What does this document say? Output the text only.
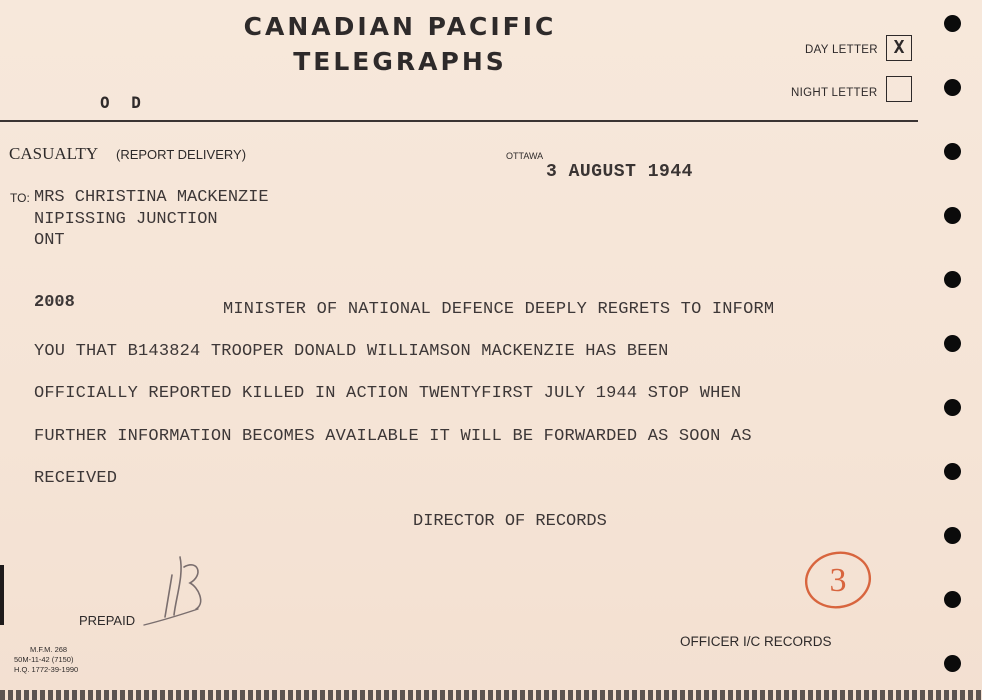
CANADIAN PACIFIC
TELEGRAPHS
O D
DAY LETTER X
NIGHT LETTER
CASUALTY (REPORT DELIVERY)	OTTAWA
3 AUGUST 1944
TO: MRS CHRISTINA MACKENZIE
NIPISSING JUNCTION
ONT
2008	MINISTER OF NATIONAL DEFENCE DEEPLY REGRETS TO INFORM
YOU THAT B143824 TROOPER DONALD WILLIAMSON MACKENZIE HAS BEEN
OFFICIALLY REPORTED KILLED IN ACTION TWENTYFIRST JULY 1944 STOP WHEN
FURTHER INFORMATION BECOMES AVAILABLE IT WILL BE FORWARDED AS SOON AS
RECEIVED
DIRECTOR OF RECORDS
3
PREPAID
OFFICER I/C RECORDS
M.F.M. 268
50M-11-42 (7150)
H.Q. 1772-39-1990
